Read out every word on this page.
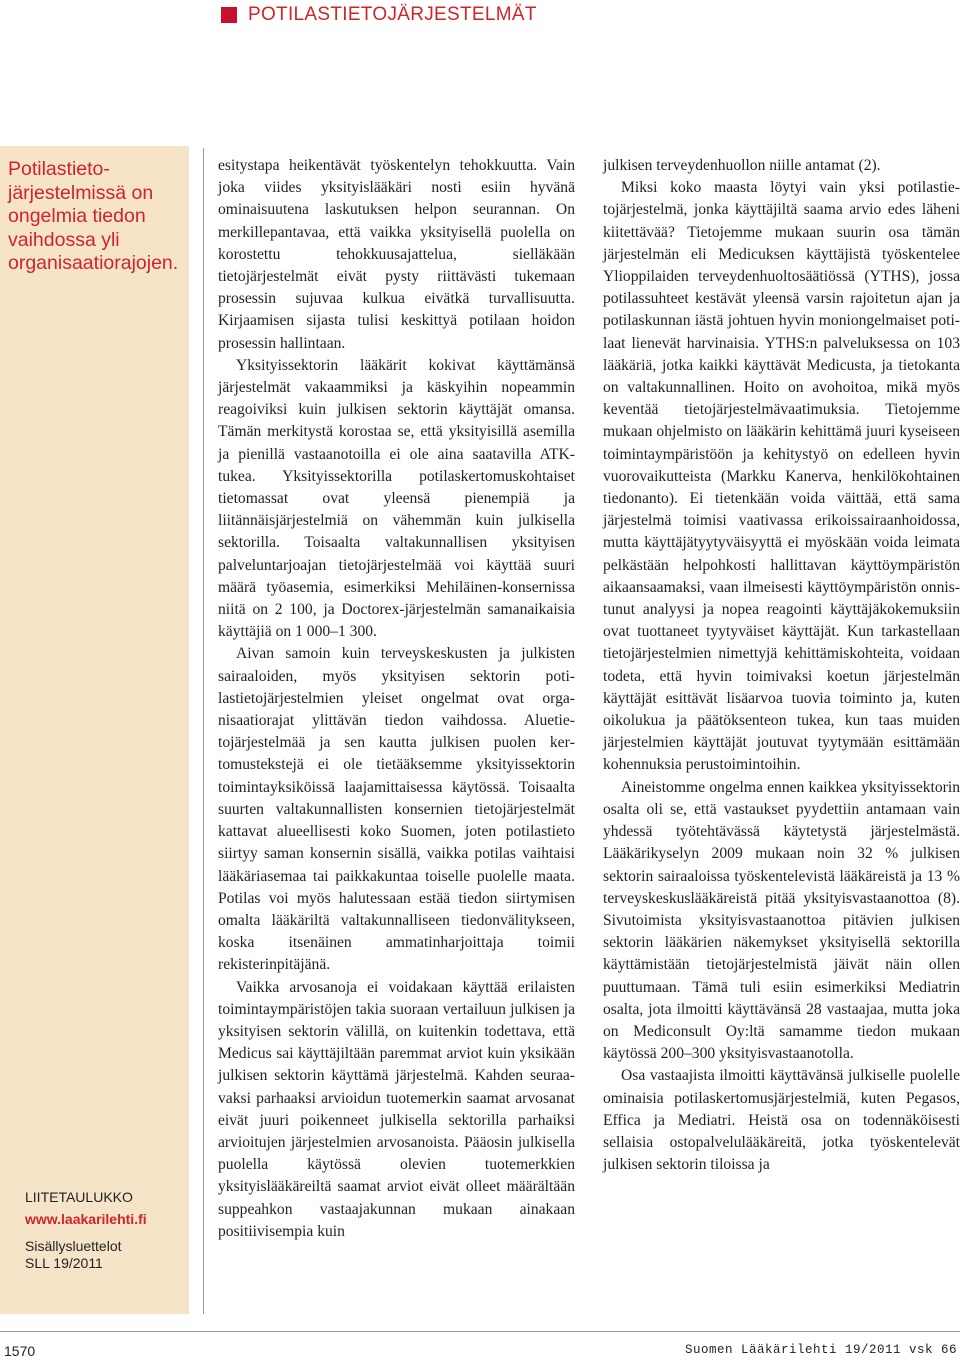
POTILASTIETOJÄRJESTELMÄT

Potilastietojärjestelmissä on ongelmia tiedon vaihdossa yli organisaatiorajojen.

LIITETAULUKKO
www.laakarilehti.fi
Sisällysluettelot
SLL 19/2011

esitystapa heikentävät työskentelyn tehokkuutta. Vain joka viides yksityislääkäri nosti esiin hyvänä ominaisuutena laskutuksen helpon seurannan. On merkillepantavaa, että vaikka yksityisellä puolella on korostettu tehokkuusajattelua, sielläkään tietojärjestelmät eivät pysty riittävästi tukemaan prosessin sujuvaa kulkua eivätkä turvallisuutta. Kirjaamisen sijasta tulisi keskittyä potilaan hoidon prosessin hallintaan.

Yksityissektorin lääkärit kokivat käyttämänsä järjestelmät vakaammiksi ja käskyihin nopeammin reagoiviksi kuin julkisen sektorin käyttäjät omansa. Tämän merkitystä korostaa se, että yksityisillä asemilla ja pienillä vastaanotoilla ei ole aina saatavilla ATK-tukea. Yksityissektorilla potilaskertomuskohtaiset tietomassat ovat yleensä pienempiä ja liitännäisjärjestelmiä on vähemmän kuin julkisella sektorilla. Toisaalta valtakunnallisen yksityisen palveluntarjoajan tietojärjestelmää voi käyttää suuri määrä työasemia, esimerkiksi Mehiläinen-konsernissa niitä on 2 100, ja Doctorex-järjestelmän samanaikaisia käyttäjiä on 1 000–1 300.

Aivan samoin kuin terveyskeskusten ja julkisten sairaaloiden, myös yksityisen sektorin potilastietojärjestelmien yleiset ongelmat ovat organisaatiorajat ylittävän tiedon vaihdossa. Aluetietojärjestelmää ja sen kautta julkisen puolen kertomustekstejä ei ole tietääksemme yksityissektorin toimintayksiköissä laajamittaisessa käytössä. Toisaalta suurten valtakunnallisten konsernien tietojärjestelmät kattavat alueellisesti koko Suomen, joten potilastieto siirtyy saman konsernin sisällä, vaikka potilas vaihtaisi lääkäriasemaa tai paikkakuntaa toiselle puolelle maata. Potilas voi myös halutessaan estää tiedon siirtymisen omalta lääkäriltä valtakunnalliseen tiedonvälitykseen, koska itsenäinen ammatinharjoittaja toimii rekisterinpitäjänä.

Vaikka arvosanoja ei voidakaan käyttää erilaisten toimintaympäristöjen takia suoraan vertailuun julkisen ja yksityisen sektorin välillä, on kuitenkin todettava, että Medicus sai käyttäjiltään paremmat arviot kuin yksikään julkisen sektorin käyttämä järjestelmä. Kahden seuraavaksi parhaaksi arvioidun tuotemerkin saamat arvosanat eivät juuri poikenneet julkisella sektorilla parhaiksi arvioitujen järjestelmien arvosanoista. Pääosin julkisella puolella käytössä olevien tuotemerkkien yksityislääkäreiltä saamat arviot eivät olleet määrältään suppeahkon vastaajakunnan mukaan ainakaan positiivisempia kuin

julkisen terveydenhuollon niille antamat (2).

Miksi koko maasta löytyi vain yksi potilastietojärjestelmä, jonka käyttäjiltä saama arvio edes läheni kiitettävää? Tietojemme mukaan suurin osa tämän järjestelmän eli Medicuksen käyttäjistä työskentelee Ylioppilaiden terveydenhuoltosäätiössä (YTHS), jossa potilassuhteet kestävät yleensä varsin rajoitetun ajan ja potilaskunnan iästä johtuen hyvin moniongelmaiset potilaat lienevät harvinaisia. YTHS:n palveluksessa on 103 lääkäriä, jotka kaikki käyttävät Medicusta, ja tietokanta on valtakunnallinen. Hoito on avohoitoa, mikä myös keventää tietojärjestelmävaatimuksia. Tietojemme mukaan ohjelmisto on lääkärin kehittämä juuri kyseiseen toimintaympäristöön ja kehitystyö on edelleen hyvin vuorovaikutteista (Markku Kanerva, henkilökohtainen tiedonanto). Ei tietenkään voida väittää, että sama järjestelmä toimisi vaativassa erikoissairaanhoidossa, mutta käyttäjätyytyväisyyttä ei myöskään voida leimata pelkästään helpohkosti hallittavan käyttöympäristön aikaansaamaksi, vaan ilmeisesti käyttöympäristön onnistunut analyysi ja nopea reagointi käyttäjäkokemuksiin ovat tuottaneet tyytyväiset käyttäjät. Kun tarkastellaan tietojärjestelmien nimettyjä kehittämiskohteita, voidaan todeta, että hyvin toimivaksi koetun järjestelmän käyttäjät esittävät lisäarvoa tuovia toiminto ja, kuten oikolukua ja päätöksenteon tukea, kun taas muiden järjestelmien käyttäjät joutuvat tyytymään esittämään kohennuksia perustoimintoihin.

Aineistomme ongelma ennen kaikkea yksityissektorin osalta oli se, että vastaukset pyydettiin antamaan vain yhdessä työtehtävässä käytetystä järjestelmästä. Lääkärikyselyn 2009 mukaan noin 32 % julkisen sektorin sairaaloissa työskentelevistä lääkäreistä ja 13 % terveyskeskuslääkäreistä pitää yksityisvastaanottoa (8). Sivutoimista yksityisvastaanottoa pitävien julkisen sektorin lääkärien näkemykset yksityisellä sektorilla käyttämistään tietojärjestelmistä jäivät näin ollen puuttumaan. Tämä tuli esiin esimerkiksi Mediatrin osalta, jota ilmoitti käyttävänsä 28 vastaajaa, mutta joka on Mediconsult Oy:ltä samamme tiedon mukaan käytössä 200–300 yksityisvastaanotolla.

Osa vastaajista ilmoitti käyttävänsä julkiselle puolelle ominaisia potilaskertomusjärjestelmiä, kuten Pegasos, Effica ja Mediatri. Heistä osa on todennäköisesti sellaisia ostopalvelulääkäreitä, jotka työskentelevät julkisen sektorin tiloissa ja

1570	Suomen Lääkärilehti 19/2011 vsk 66
